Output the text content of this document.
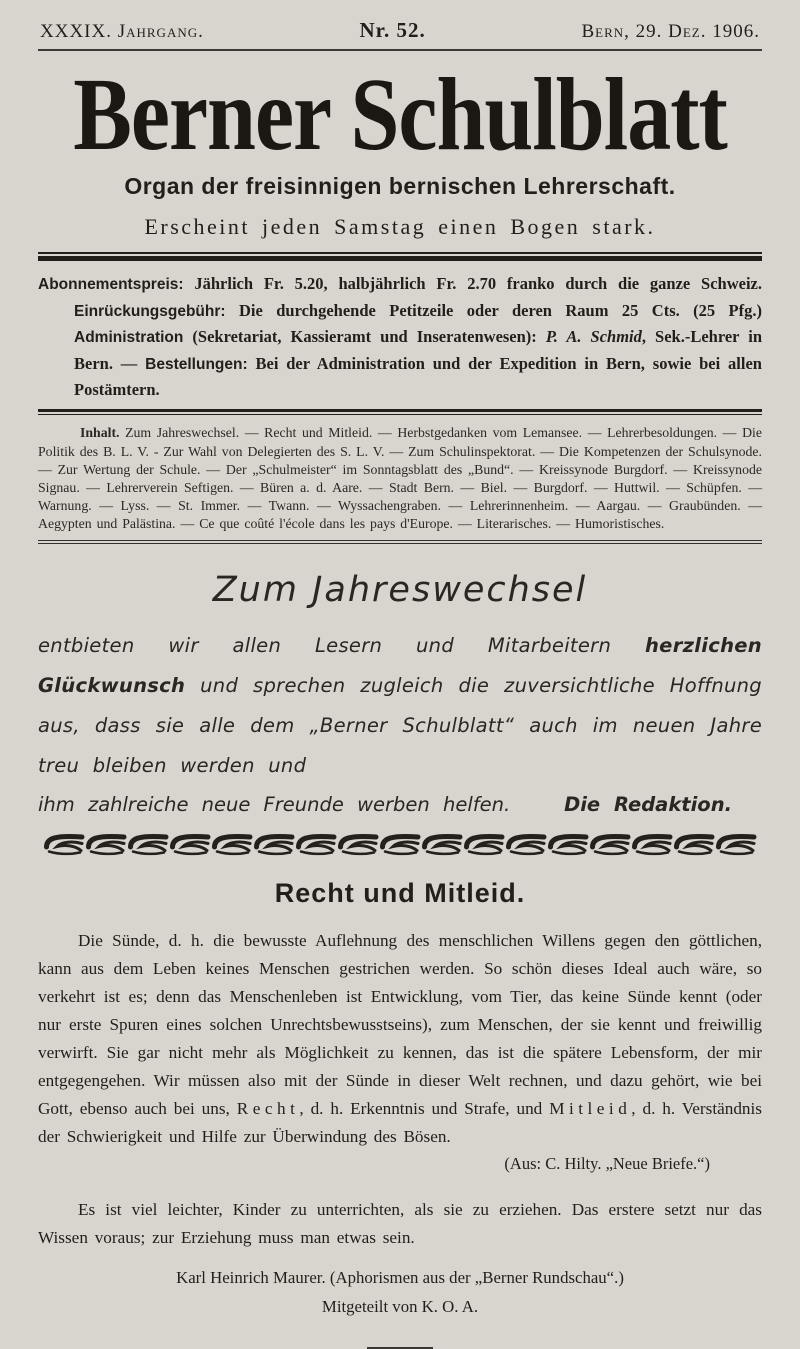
XXXIX. Jahrgang.	Nr. 52.	Bern, 29. Dez. 1906.
Berner Schulblatt
Organ der freisinnigen bernischen Lehrerschaft.
Erscheint jeden Samstag einen Bogen stark.

Abonnementspreis: Jährlich Fr. 5.20, halbjährlich Fr. 2.70 franko durch die ganze Schweiz. Einrückungsgebühr: Die durchgehende Petitzeile oder deren Raum 25 Cts. (25 Pfg.) Administration (Sekretariat, Kassieramt und Inseratenwesen): P. A. Schmid, Sek.-Lehrer in Bern. — Bestellungen: Bei der Administration und der Expedition in Bern, sowie bei allen Postämtern.

Inhalt. Zum Jahreswechsel. — Recht und Mitleid. — Herbstgedanken vom Lemansee. — Lehrerbesoldungen. — Die Politik des B. L. V. - Zur Wahl von Delegierten des S. L. V. — Zum Schulinspektorat. — Die Kompetenzen der Schulsynode. — Zur Wertung der Schule. — Der „Schulmeister“ im Sonntagsblatt des „Bund“. — Kreissynode Burgdorf. — Kreissynode Signau. — Lehrerverein Seftigen. — Büren a. d. Aare. — Stadt Bern. — Biel. — Burgdorf. — Huttwil. — Schüpfen. — Warnung. — Lyss. — St. Immer. — Twann. — Wyssachengraben. — Lehrerinnenheim. — Aargau. — Graubünden. — Aegypten und Palästina. — Ce que coûté l'école dans les pays d'Europe. — Literarisches. — Humoristisches.

Zum Jahreswechsel

entbieten wir allen Lesern und Mitarbeitern herzlichen Glückwunsch und sprechen zugleich die zuversichtliche Hoffnung aus, dass sie alle dem „Berner Schulblatt“ auch im neuen Jahre treu bleiben werden und

ihm zahlreiche neue Freunde werben helfen.	Die Redaktion.
Recht und Mitleid.

Die Sünde, d. h. die bewusste Auflehnung des menschlichen Willens gegen den göttlichen, kann aus dem Leben keines Menschen gestrichen werden. So schön dieses Ideal auch wäre, so verkehrt ist es; denn das Menschenleben ist Entwicklung, vom Tier, das keine Sünde kennt (oder nur erste Spuren eines solchen Unrechtsbewusstseins), zum Menschen, der sie kennt und freiwillig verwirft. Sie gar nicht mehr als Möglichkeit zu kennen, das ist die spätere Lebensform, der mir entgegengehen. Wir müssen also mit der Sünde in dieser Welt rechnen, und dazu gehört, wie bei Gott, ebenso auch bei uns, Recht, d. h. Erkenntnis und Strafe, und Mitleid, d. h. Verständnis der Schwierigkeit und Hilfe zur Überwindung des Bösen.

(Aus: C. Hilty. „Neue Briefe.“)

Es ist viel leichter, Kinder zu unterrichten, als sie zu erziehen. Das erstere setzt nur das Wissen voraus; zur Erziehung muss man etwas sein.

Karl Heinrich Maurer. (Aphorismen aus der „Berner Rundschau“.)
Mitgeteilt von K. O. A.
